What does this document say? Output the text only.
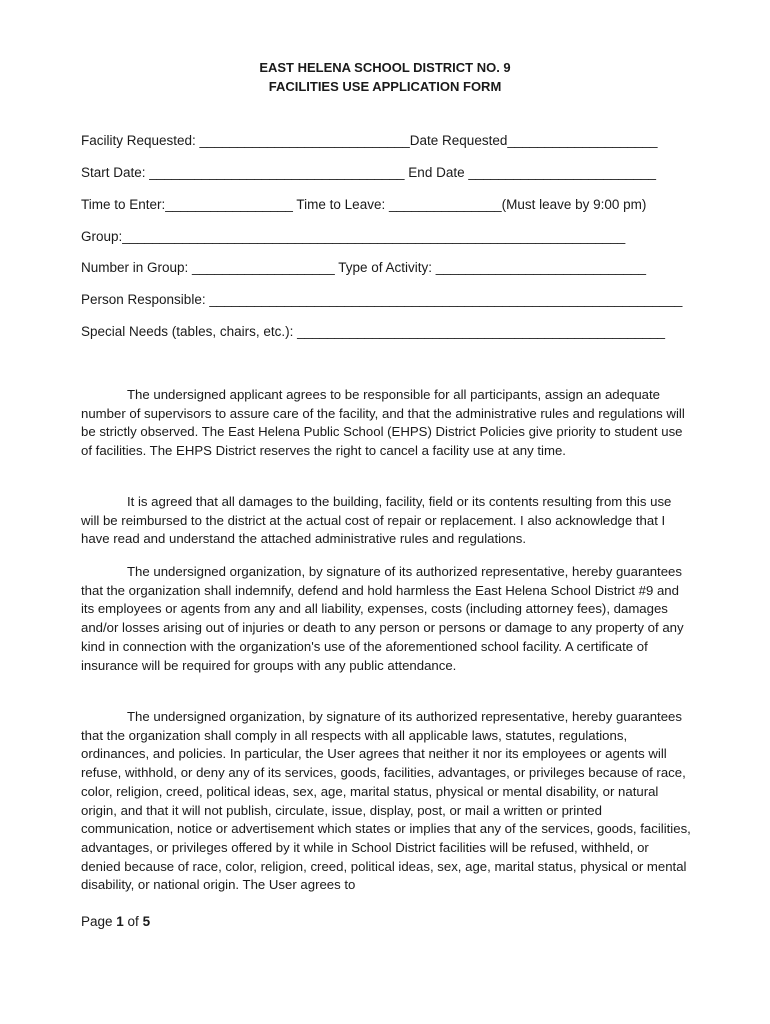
EAST HELENA SCHOOL DISTRICT NO. 9
FACILITIES USE APPLICATION FORM
Facility Requested: ____________________________Date Requested____________________
Start Date: __________________________________ End Date _________________________
Time to Enter:_________________ Time to Leave: _______________(Must leave by 9:00 pm)
Group:___________________________________________________________________
Number in Group: ___________________ Type of Activity: ____________________________
Person Responsible: _______________________________________________________________
Special Needs (tables, chairs, etc.): _________________________________________________

The undersigned applicant agrees to be responsible for all participants, assign an adequate number of supervisors to assure care of the facility, and that the administrative rules and regulations will be strictly observed. The East Helena Public School (EHPS) District Policies give priority to student use of facilities. The EHPS District reserves the right to cancel a facility use at any time.

It is agreed that all damages to the building, facility, field or its contents resulting from this use will be reimbursed to the district at the actual cost of repair or replacement. I also acknowledge that I have read and understand the attached administrative rules and regulations.

The undersigned organization, by signature of its authorized representative, hereby guarantees that the organization shall indemnify, defend and hold harmless the East Helena School District #9 and its employees or agents from any and all liability, expenses, costs (including attorney fees), damages and/or losses arising out of injuries or death to any person or persons or damage to any property of any kind in connection with the organization's use of the aforementioned school facility. A certificate of insurance will be required for groups with any public attendance.

The undersigned organization, by signature of its authorized representative, hereby guarantees that the organization shall comply in all respects with all applicable laws, statutes, regulations, ordinances, and policies. In particular, the User agrees that neither it nor its employees or agents will refuse, withhold, or deny any of its services, goods, facilities, advantages, or privileges because of race, color, religion, creed, political ideas, sex, age, marital status, physical or mental disability, or natural origin, and that it will not publish, circulate, issue, display, post, or mail a written or printed communication, notice or advertisement which states or implies that any of the services, goods, facilities, advantages, or privileges offered by it while in School District facilities will be refused, withheld, or denied because of race, color, religion, creed, political ideas, sex, age, marital status, physical or mental disability, or national origin. The User agrees to

Page 1 of 5
